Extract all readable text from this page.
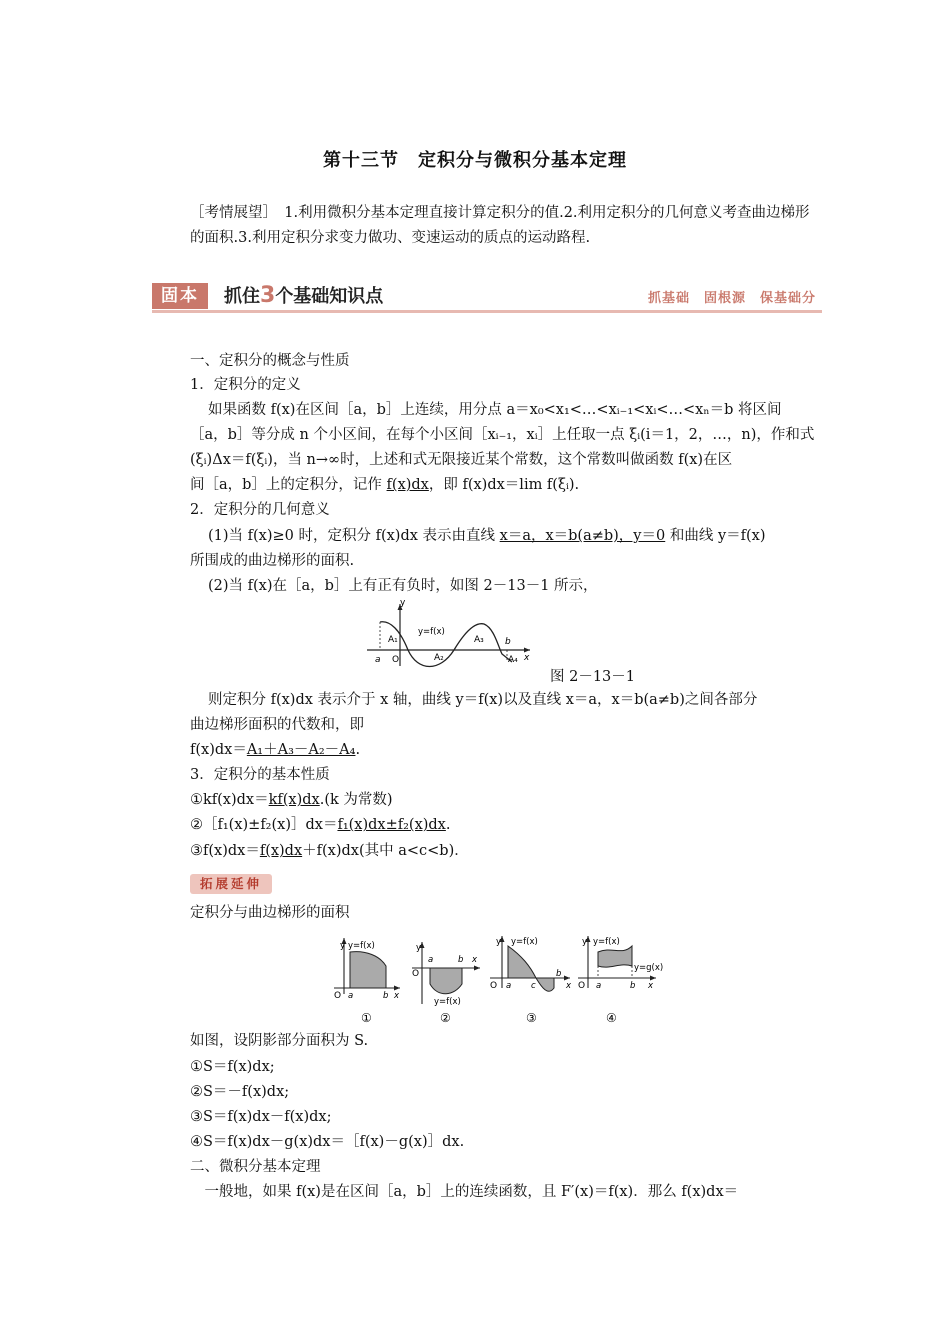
第十三节　定积分与微积分基本定理
［考情展望］　1.利用微积分基本定理直接计算定积分的值.2.利用定积分的几何意义考查曲边梯形的面积.3.利用定积分求变力做功、变速运动的质点的运动路程.
固本	抓住3个基础知识点	抓基础　固根源　保基础分
一、定积分的概念与性质
1．定积分的定义
如果函数 f(x)在区间［a，b］上连续，用分点 a＝x₀<x₁<…<xᵢ₋₁<xᵢ<…<xₙ＝b 将区间
［a，b］等分成 n 个小区间，在每个小区间［xᵢ₋₁，xᵢ］上任取一点 ξᵢ(i＝1，2，…，n)，作和式
(ξᵢ)Δx＝f(ξᵢ)，当 n→∞时，上述和式无限接近某个常数，这个常数叫做函数 f(x)在区
间［a，b］上的定积分，记作 f(x)dx，即 f(x)dx＝lim f(ξᵢ).
2．定积分的几何意义
(1)当 f(x)≥0 时，定积分 f(x)dx 表示由直线 x＝a，x＝b(a≠b)，y＝0 和曲线 y＝f(x)
所围成的曲边梯形的面积.
(2)当 f(x)在［a，b］上有正有负时，如图 2－13－1 所示，
y
x
y=f(x)
A₁
A₂
A₃
A₄
a O
b
图 2－13－1
则定积分 f(x)dx 表示介于 x 轴，曲线 y＝f(x)以及直线 x＝a，x＝b(a≠b)之间各部分
曲边梯形面积的代数和，即
f(x)dx＝A₁＋A₃－A₂－A₄.
3．定积分的基本性质
①kf(x)dx＝kf(x)dx.(k 为常数)
②［f₁(x)±f₂(x)］dx＝f₁(x)dx±f₂(x)dx.
③f(x)dx＝f(x)dx＋f(x)dx(其中 a<c<b)．
拓展延伸
定积分与曲边梯形的面积
y y=f(x)
O a	b x
①
y
O
a	b x
y=f(x)
②
y y=f(x)
O a c
b
x
③
y y=f(x)
y=g(x)
O a	b x
④
如图，设阴影部分面积为 S.
①S＝f(x)dx;
②S＝－f(x)dx;
③S＝f(x)dx－f(x)dx;
④S＝f(x)dx－g(x)dx＝［f(x)－g(x)］dx.
二、微积分基本定理
　一般地，如果 f(x)是在区间［a，b］上的连续函数，且 F′(x)＝f(x)．那么 f(x)dx＝
